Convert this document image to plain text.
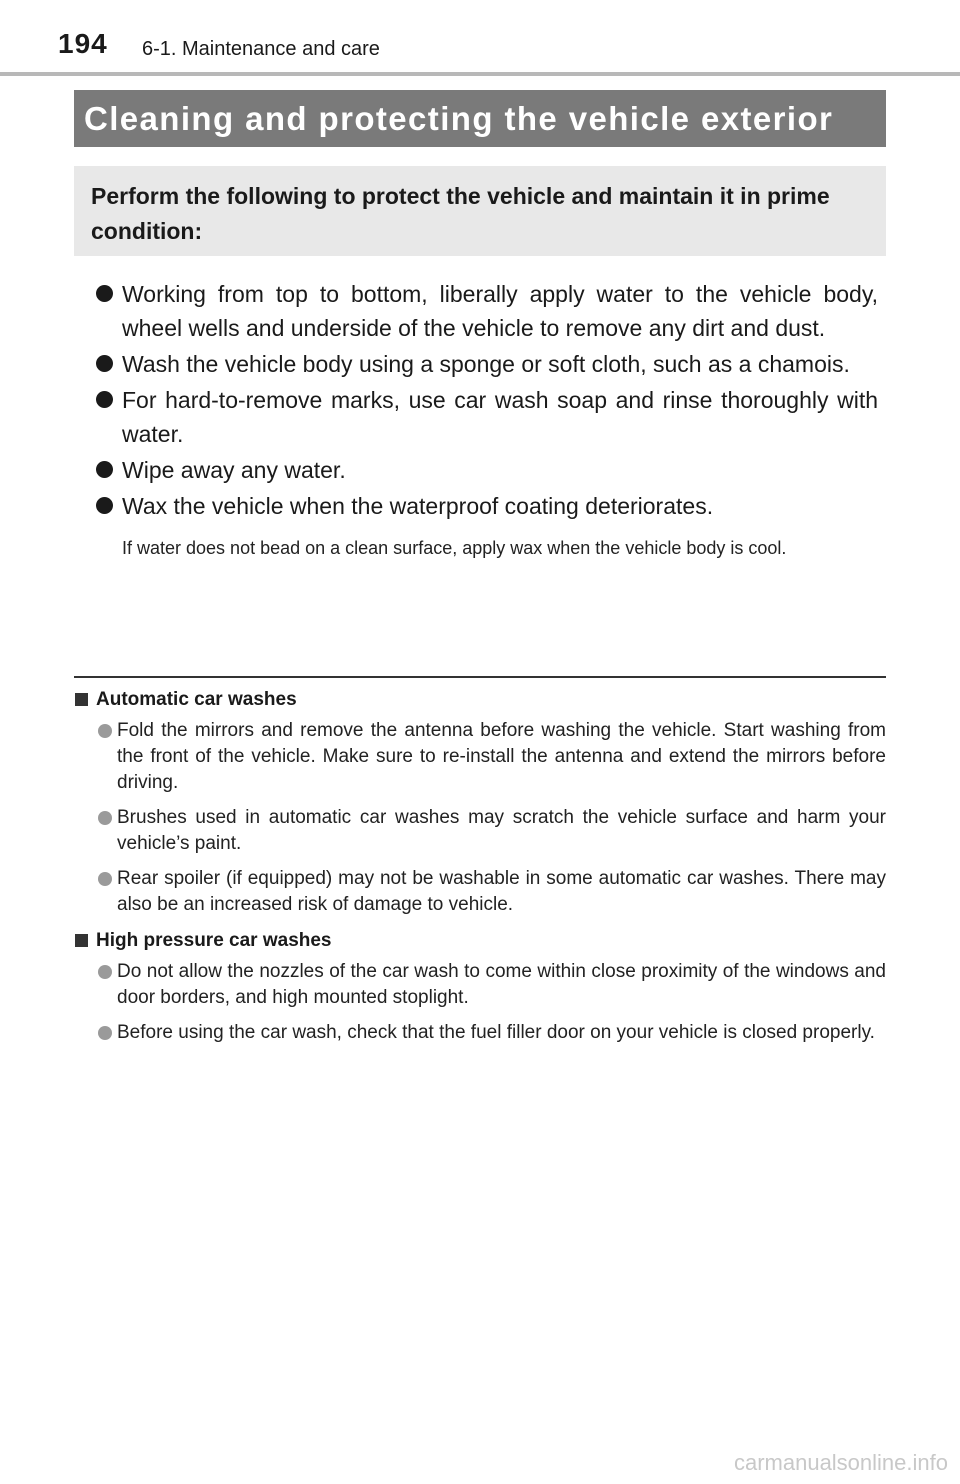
194 6-1. Maintenance and care
Cleaning and protecting the vehicle exterior
Perform the following to protect the vehicle and maintain it in prime condition:
Working from top to bottom, liberally apply water to the vehicle body, wheel wells and underside of the vehicle to remove any dirt and dust.
Wash the vehicle body using a sponge or soft cloth, such as a chamois.
For hard-to-remove marks, use car wash soap and rinse thoroughly with water.
Wipe away any water.
Wax the vehicle when the waterproof coating deteriorates.
If water does not bead on a clean surface, apply wax when the vehicle body is cool.
Automatic car washes
Fold the mirrors and remove the antenna before washing the vehicle. Start washing from the front of the vehicle. Make sure to re-install the antenna and extend the mirrors before driving.
Brushes used in automatic car washes may scratch the vehicle surface and harm your vehicle’s paint.
Rear spoiler (if equipped) may not be washable in some automatic car washes. There may also be an increased risk of damage to vehicle.
High pressure car washes
Do not allow the nozzles of the car wash to come within close proximity of the windows and door borders, and high mounted stoplight.
Before using the car wash, check that the fuel filler door on your vehicle is closed properly.
carmanualsonline.info
